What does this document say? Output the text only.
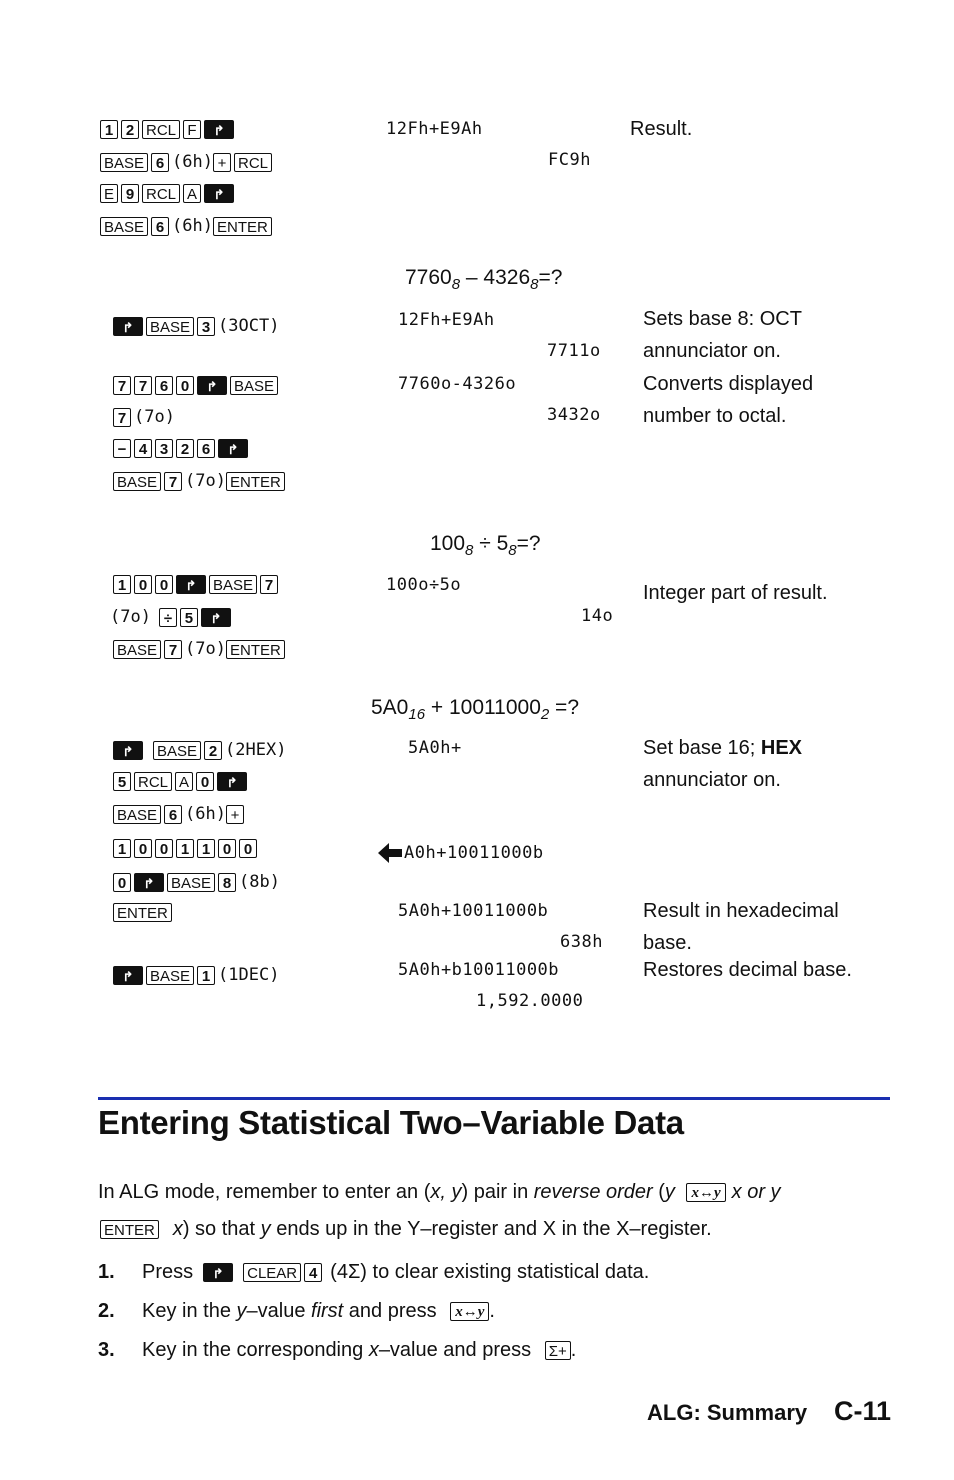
1 2 RCL F ↱
BASE 6 (6h) + RCL
E 9 RCL A ↱
BASE 6 (6h) ENTER
12Fh+E9Ah
FC9h
Result.
$7760_8 - 4326_8=$?
↱ BASE 3 (3OCT)	12Fh+E9Ah
7711o
Sets base 8: OCT
annunciator on.
7 7 6 0 ↱ BASE
7 (7o)
− 4 3 2 6 ↱
BASE 7 (7o) ENTER
7760o-4326o
3432o
Converts displayed
number to octal.
$100_8 \div 5_8=$?
1 0 0 ↱ BASE 7
(7o) ÷ 5 ↱
BASE 7 (7o) ENTER
100o÷5o
14o
Integer part of result.
$5A0_{16} + 10011000_2$ =?
↱ BASE 2 (2HEX)
5 RCL A 0 ↱
BASE 6 (6h) +
1 0 0 1 1 0 0
0 ↱ BASE 8 (8b)
ENTER
↱ BASE 1 (1DEC)
5A0h+	Set base 16; HEX
annunciator on.
A0h+10011000b
5A0h+10011000b
638h
Result in hexadecimal
base.
5A0h+b10011000b
1,592.0000
Restores decimal base.
Entering Statistical Two–Variable Data
In ALG mode, remember to enter an (x, y) pair in reverse order (y x↔y x or y
ENTER x) so that y ends up in the Y–register and X in the X–register.
1. Press ↱ CLEAR 4 (4Σ) to clear existing statistical data.
2. Key in the y–value first and press x↔y .
3. Key in the corresponding x–value and press Σ+ .
ALG: Summary C-11
